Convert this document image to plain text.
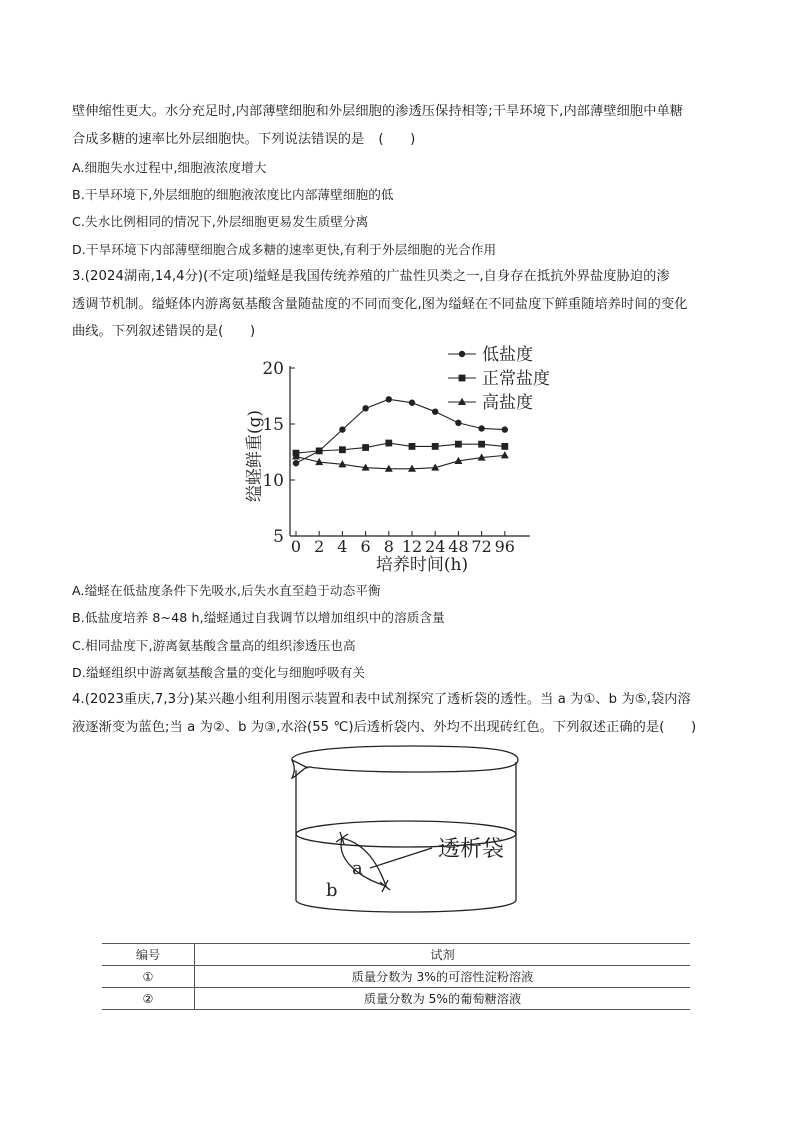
壁伸缩性更大。水分充足时,内部薄壁细胞和外层细胞的渗透压保持相等;干旱环境下,内部薄壁细胞中单糖
合成多糖的速率比外层细胞快。下列说法错误的是 (　　)
A.细胞失水过程中,细胞液浓度增大
B.干旱环境下,外层细胞的细胞液浓度比内部薄壁细胞的低
C.失水比例相同的情况下,外层细胞更易发生质壁分离
D.干旱环境下内部薄壁细胞合成多糖的速率更快,有利于外层细胞的光合作用
3.(2024湖南,14,4分)(不定项)缢蛏是我国传统养殖的广盐性贝类之一,自身存在抵抗外界盐度胁迫的渗
透调节机制。缢蛏体内游离氨基酸含量随盐度的不同而变化,图为缢蛏在不同盐度下鲜重随培养时间的变化
曲线。下列叙述错误的是(　　)
5
10
15
20
0 2 4 6 8 12 24 48 72 96
培养时间(h)
缢蛏鲜重(g)
低盐度
正常盐度
高盐度
A.缢蛏在低盐度条件下先吸水,后失水直至趋于动态平衡
B.低盐度培养 8~48 h,缢蛏通过自我调节以增加组织中的溶质含量
C.相同盐度下,游离氨基酸含量高的组织渗透压也高
D.缢蛏组织中游离氨基酸含量的变化与细胞呼吸有关
4.(2023重庆,7,3分)某兴趣小组利用图示装置和表中试剂探究了透析袋的透性。当 a 为①、b 为⑤,袋内溶
液逐渐变为蓝色;当 a 为②、b 为③,水浴(55 ℃)后透析袋内、外均不出现砖红色。下列叙述正确的是(　　)
透析袋
a
b
编号	试剂
①	质量分数为 3%的可溶性淀粉溶液
②	质量分数为 5%的葡萄糖溶液
